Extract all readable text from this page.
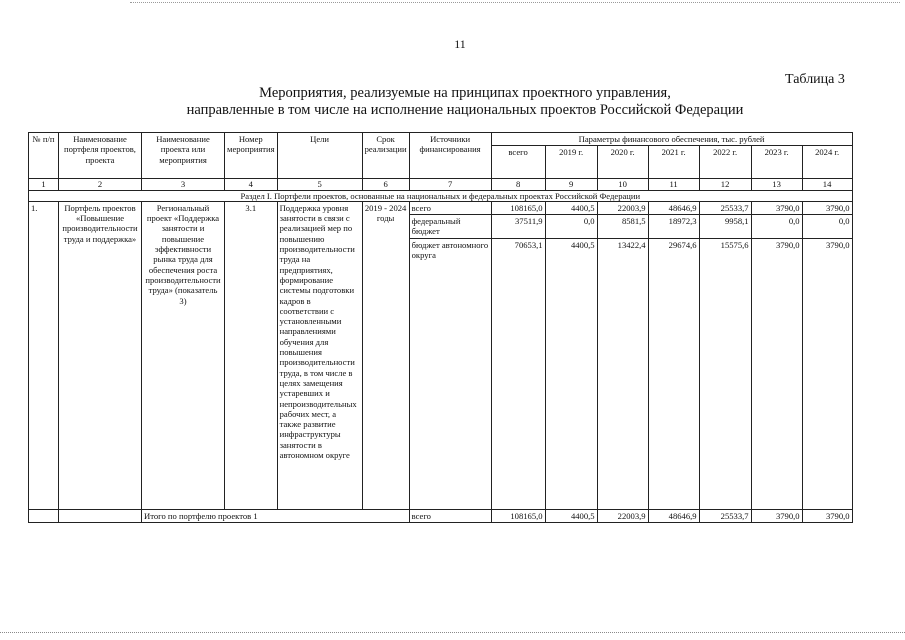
11
Таблица 3
Мероприятия, реализуемые на принципах проектного управления,
направленные в том числе на исполнение национальных проектов Российской Федерации
№ п/п	Наименование портфеля проектов, проекта	Наименование проекта или мероприятия	Номер мероприятия	Цели	Срок реализации	Источники финансирования	Параметры финансового обеспечения, тыс. рублей						
							всего	2019 г.	2020 г.	2021 г.	2022 г.	2023 г.	2024 г.
1	2	3	4	5	6	7	8	9	10	11	12	13	14
Раздел I. Портфели проектов, основанные на национальных и федеральных проектах Российской Федерации													
1.	Портфель проектов «Повышение производительности труда и поддержка»	Региональный проект «Поддержка занятости и повышение эффективности рынка труда для обеспечения роста производительности труда» (показатель 3)	3.1	Поддержка уровня занятости в связи с реализацией мер по повышению производительности труда на предприятиях, формирование системы подготовки кадров в соответствии с установленными направлениями обучения для повышения производительности труда, в том числе в целях замещения устаревших и непроизводительных рабочих мест, а также развитие инфраструктуры занятости в автономном округе	2019 - 2024 годы	всего	108165,0	4400,5	22003,9	48646,9	25533,7	3790,0	3790,0
						федеральный бюджет	37511,9	0,0	8581,5	18972,3	9958,1	0,0	0,0
						бюджет автономного округа	70653,1	4400,5	13422,4	29674,6	15575,6	3790,0	3790,0
		Итого по портфелю проектов 1				всего	108165,0	4400,5	22003,9	48646,9	25533,7	3790,0	3790,0
